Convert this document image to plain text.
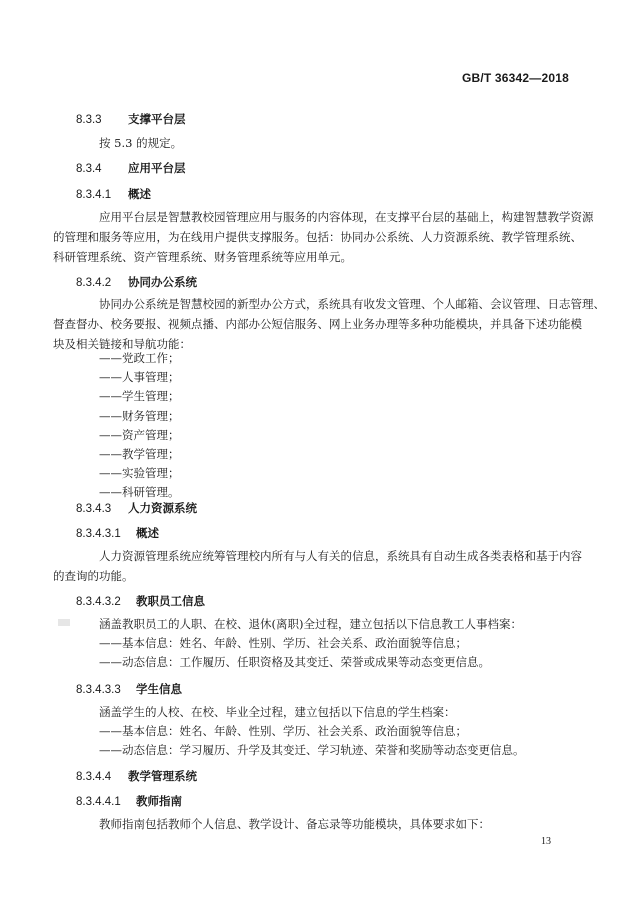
GB/T 36342—2018
8.3.3 支撑平台层
按 5.3 的规定。
8.3.4 应用平台层
8.3.4.1 概述
应用平台层是智慧教校园管理应用与服务的内容体现，在支撑平台层的基础上，构建智慧教学资源
的管理和服务等应用，为在线用户提供支撑服务。包括：协同办公系统、人力资源系统、教学管理系统、
科研管理系统、资产管理系统、财务管理系统等应用单元。
8.3.4.2 协同办公系统
协同办公系统是智慧校园的新型办公方式，系统具有收发文管理、个人邮箱、会议管理、日志管理、
督查督办、校务要报、视频点播、内部办公短信服务、网上业务办理等多种功能模块，并具备下述功能模
块及相关链接和导航功能：
——党政工作；
——人事管理；
——学生管理；
——财务管理；
——资产管理；
——教学管理；
——实验管理；
——科研管理。
8.3.4.3 人力资源系统
8.3.4.3.1 概述
人力资源管理系统应统筹管理校内所有与人有关的信息，系统具有自动生成各类表格和基于内容
的查询的功能。
8.3.4.3.2 教职员工信息
涵盖教职员工的人职、在校、退休(离职)全过程，建立包括以下信息教工人事档案：
——基本信息：姓名、年龄、性别、学历、社会关系、政治面貌等信息；
——动态信息：工作履历、任职资格及其变迁、荣誉或成果等动态变更信息。
8.3.4.3.3 学生信息
涵盖学生的人校、在校、毕业全过程，建立包括以下信息的学生档案：
——基本信息：姓名、年龄、性别、学历、社会关系、政治面貌等信息；
——动态信息：学习履历、升学及其变迁、学习轨迹、荣誉和奖励等动态变更信息。
8.3.4.4 教学管理系统
8.3.4.4.1 教师指南
教师指南包括教师个人信息、教学设计、备忘录等功能模块，具体要求如下：
13
